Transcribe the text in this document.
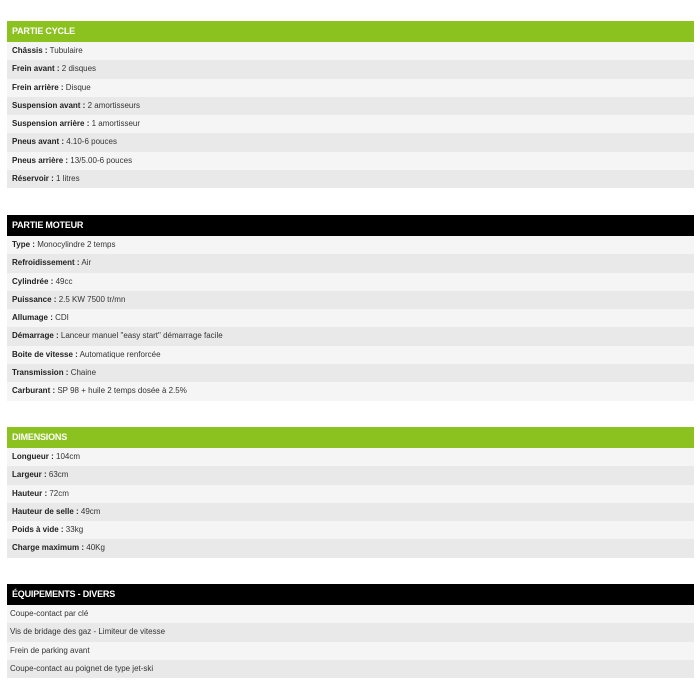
PARTIE CYCLE
Châssis : Tubulaire
Frein avant : 2 disques
Frein arrière : Disque
Suspension avant : 2 amortisseurs
Suspension arrière : 1 amortisseur
Pneus avant : 4.10-6 pouces
Pneus arrière : 13/5.00-6 pouces
Réservoir : 1 litres
PARTIE MOTEUR
Type : Monocylindre 2 temps
Refroidissement : Air
Cylindrée : 49cc
Puissance : 2.5 KW 7500 tr/mn
Allumage : CDI
Démarrage : Lanceur manuel "easy start" démarrage facile
Boite de vitesse : Automatique renforcée
Transmission : Chaine
Carburant : SP 98 + huile 2 temps dosée à 2.5%
DIMENSIONS
Longueur : 104cm
Largeur : 63cm
Hauteur : 72cm
Hauteur de selle : 49cm
Poids à vide : 33kg
Charge maximum : 40Kg
ÉQUIPEMENTS - DIVERS
Coupe-contact par clé
Vis de bridage des gaz - Limiteur de vitesse
Frein de parking avant
Coupe-contact au poignet de type jet-ski
